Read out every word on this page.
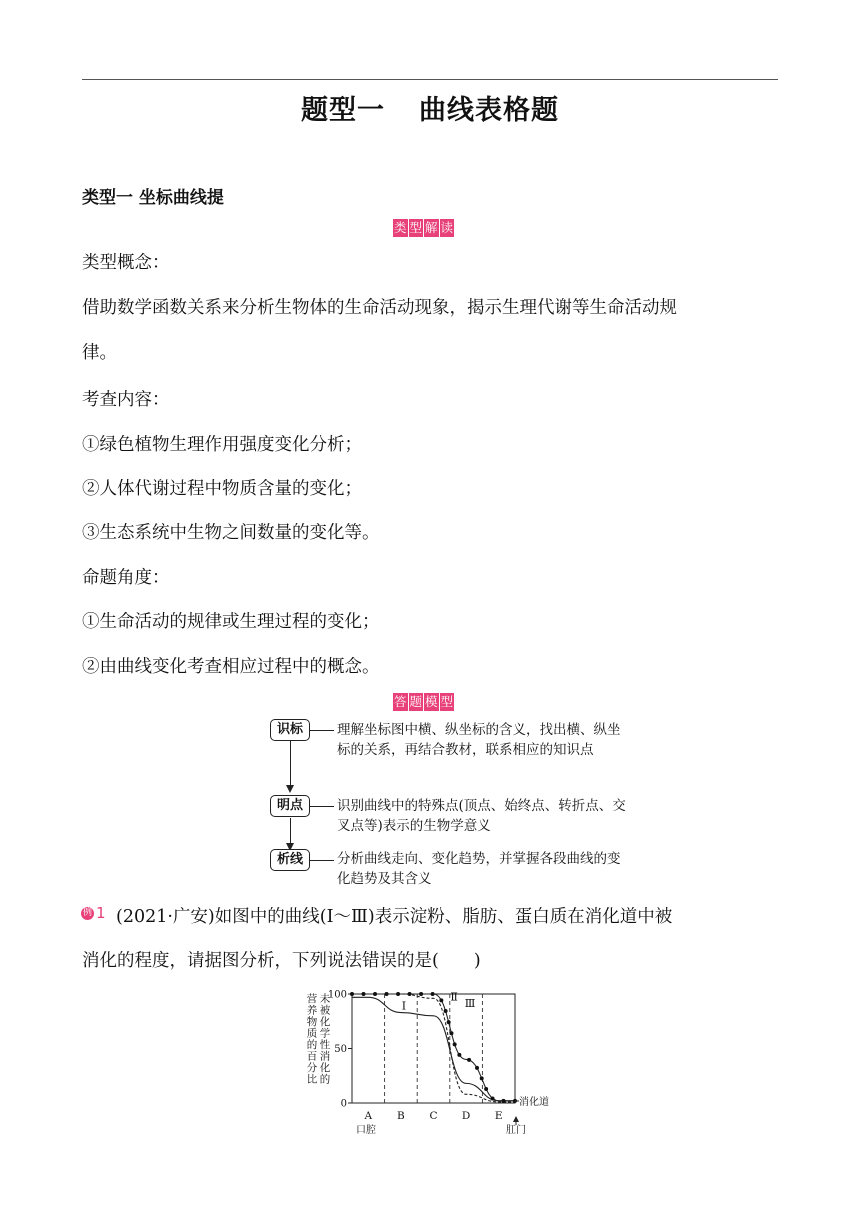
题型一 曲线表格题
类型一 坐标曲线提
类 型 解 读
类型概念：
借助数学函数关系来分析生物体的生命活动现象，揭示生理代谢等生命活动规
律。
考查内容：
①绿色植物生理作用强度变化分析；
②人体代谢过程中物质含量的变化；
③生态系统中生物之间数量的变化等。
命题角度：
①生命活动的规律或生理过程的变化；
②由曲线变化考查相应过程中的概念。
答 题 模 型
识标	理解坐标图中横、纵坐标的含义，找出横、纵坐标的关系，再结合教材，联系相应的知识点
明点	识别曲线中的特殊点(顶点、始终点、转折点、交叉点等)表示的生物学意义
析线	分析曲线走向、变化趋势，并掌握各段曲线的变化趋势及其含义
例 1 (2021·广安)如图中的曲线(Ⅰ～Ⅲ)表示淀粉、脂肪、蛋白质在消化道中被
消化的程度，请据图分析，下列说法错误的是(　　)
营
养
物
质
的
百
分
比
未
被
化
学
性
消
化
的
100
50
0
A B C D E
Ⅰ
Ⅱ
Ⅲ
消化道
口腔	肛门
